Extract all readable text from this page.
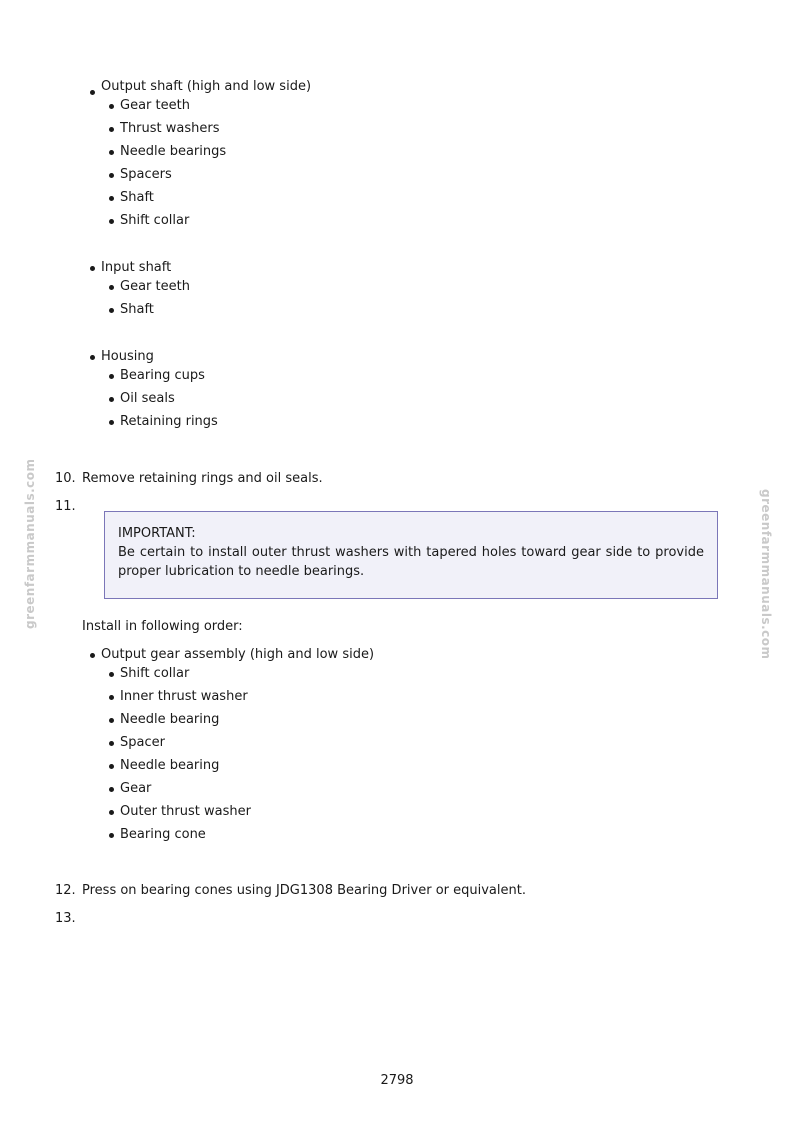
greenfarmmanuals.com	greenfarmmanuals.com
Output shaft (high and low side)
Gear teeth
Thrust washers
Needle bearings
Spacers
Shaft
Shift collar
Input shaft
Gear teeth
Shaft
Housing
Bearing cups
Oil seals
Retaining rings
10. Remove retaining rings and oil seals.
11.
IMPORTANT:
Be certain to install outer thrust washers with tapered holes toward gear side to provide proper lubrication to needle bearings.
Install in following order:
Output gear assembly (high and low side)
Shift collar
Inner thrust washer
Needle bearing
Spacer
Needle bearing
Gear
Outer thrust washer
Bearing cone
12. Press on bearing cones using JDG1308 Bearing Driver or equivalent.
13.
2798
